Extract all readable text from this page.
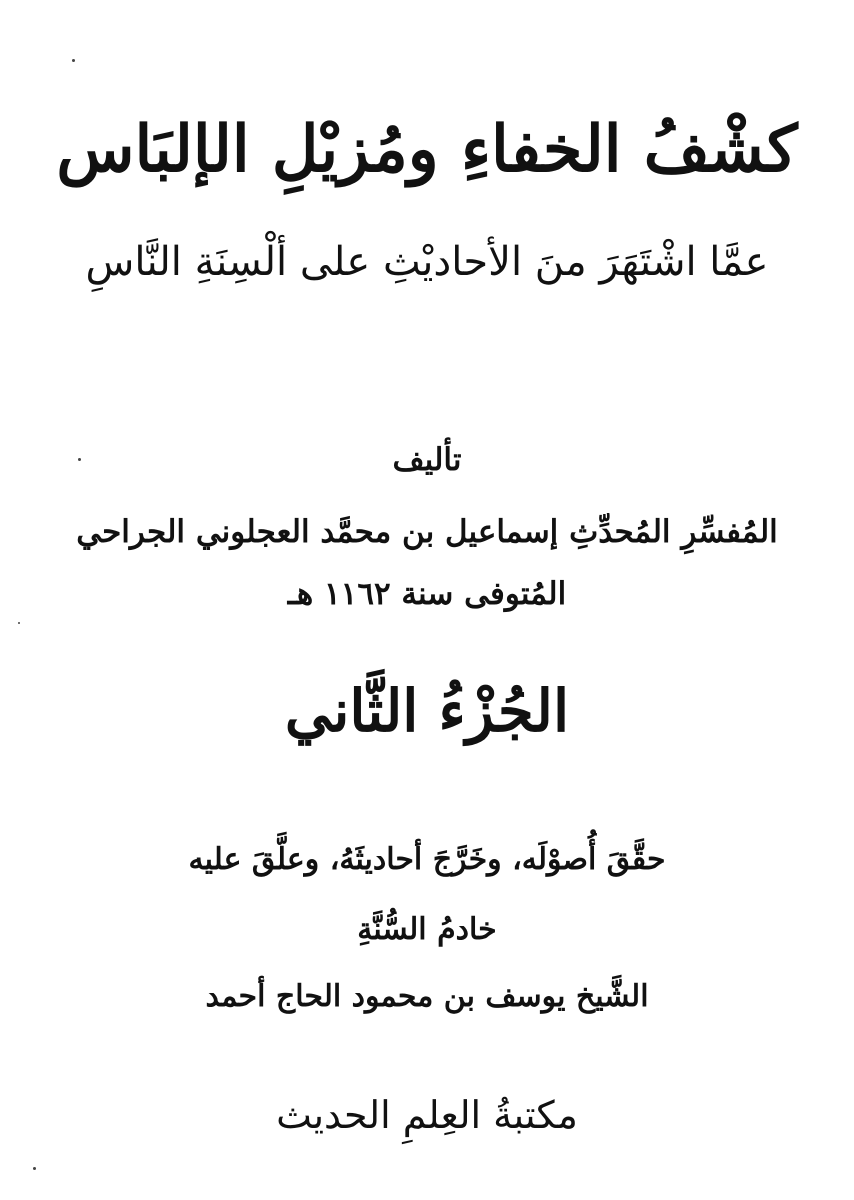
كشْفُ الخفاءِ ومُزيْلِ الإلبَاس
عمَّا اشْتَهَرَ منَ الأحاديْثِ على ألْسِنَةِ النَّاسِ
تأليف
المُفسِّرِ المُحدِّثِ إسماعيل بن محمَّد العجلوني الجراحي
المُتوفى سنة ١١٦٢ هـ
الجُزْءُ الثَّاني
حقَّقَ أُصوْلَه، وخَرَّجَ أحاديثَهُ، وعلَّقَ عليه
خادمُ السُّنَّةِ
الشَّيخ يوسف بن محمود الحاج أحمد
مكتبةُ العِلمِ الحديث
